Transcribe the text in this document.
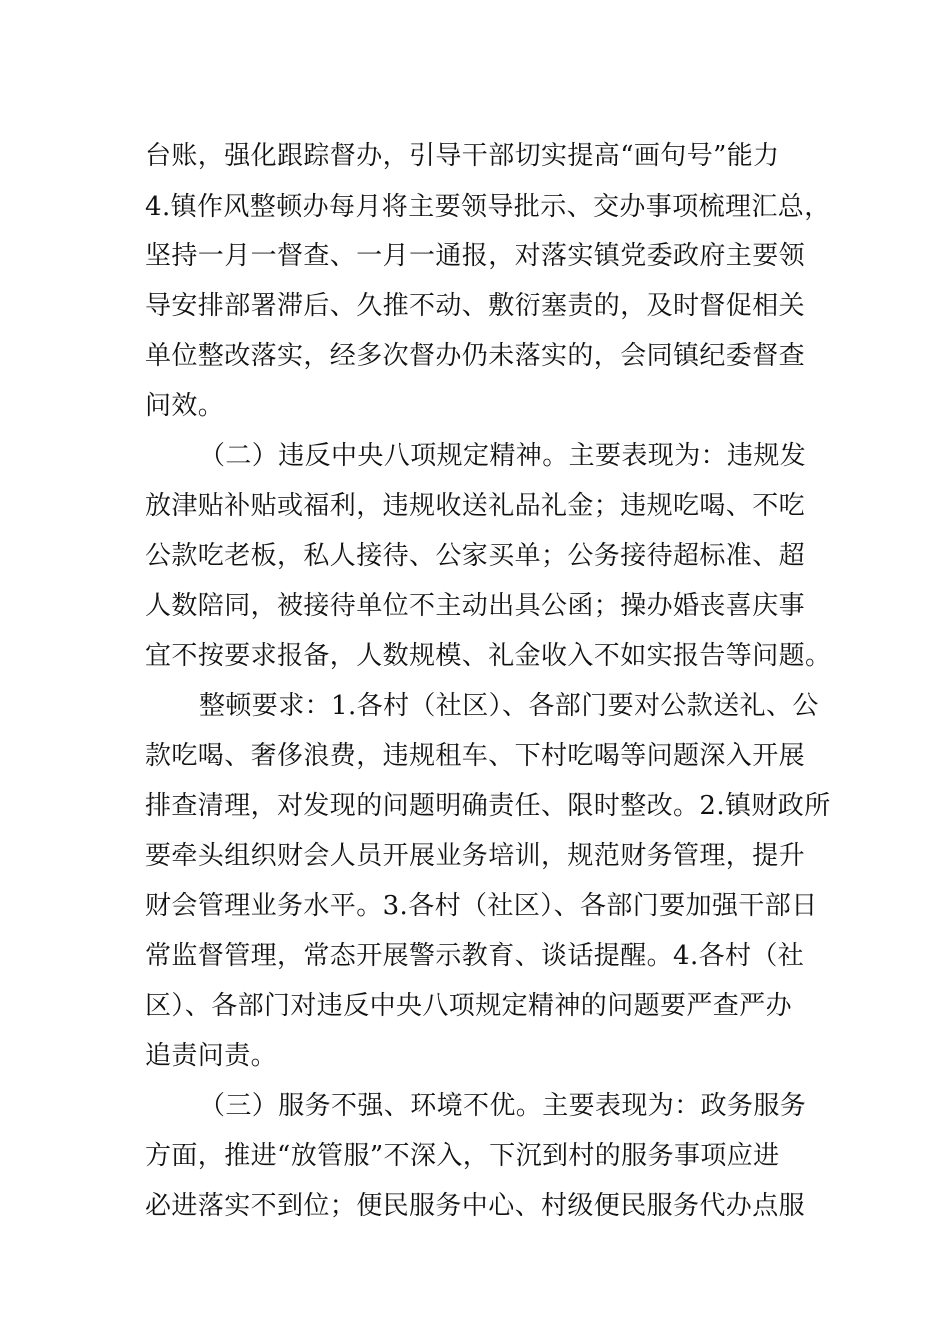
台账，强化跟踪督办，引导干部切实提高“画句号”能力
4.镇作风整顿办每月将主要领导批示、交办事项梳理汇总，
坚持一月一督查、一月一通报，对落实镇党委政府主要领
导安排部署滞后、久推不动、敷衍塞责的，及时督促相关
单位整改落实，经多次督办仍未落实的，会同镇纪委督查
问效。
（二）违反中央八项规定精神。主要表现为：违规发
放津贴补贴或福利，违规收送礼品礼金；违规吃喝、不吃
公款吃老板，私人接待、公家买单；公务接待超标准、超
人数陪同，被接待单位不主动出具公函；操办婚丧喜庆事
宜不按要求报备，人数规模、礼金收入不如实报告等问题。
整顿要求：1.各村（社区）、各部门要对公款送礼、公
款吃喝、奢侈浪费，违规租车、下村吃喝等问题深入开展
排查清理，对发现的问题明确责任、限时整改。2.镇财政所
要牵头组织财会人员开展业务培训，规范财务管理，提升
财会管理业务水平。3.各村（社区）、各部门要加强干部日
常监督管理，常态开展警示教育、谈话提醒。4.各村（社
区）、各部门对违反中央八项规定精神的问题要严查严办
追责问责。
（三）服务不强、环境不优。主要表现为：政务服务
方面，推进“放管服”不深入，下沉到村的服务事项应进
必进落实不到位；便民服务中心、村级便民服务代办点服
